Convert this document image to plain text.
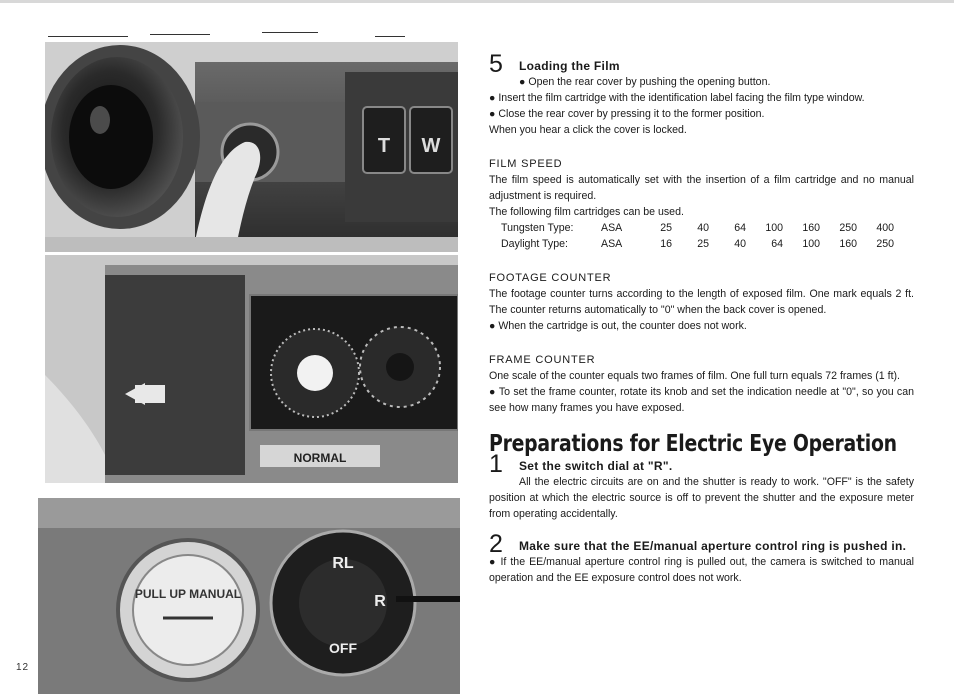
T W
NORMAL
PULL UP MANUAL
RL
R
OFF
12
5 Loading the Film
● Open the rear cover by pushing the opening button.
● Insert the film cartridge with the identification label facing the film type window.
● Close the rear cover by pressing it to the former position.
When you hear a click the cover is locked.
FILM SPEED
The film speed is automatically set with the insertion of a film cartridge and no manual adjustment is required.
The following film cartridges can be used.
Tungsten Type:	ASA	25	40	64	100	160	250	400
Daylight Type:	ASA	16	25	40	64	100	160	250
FOOTAGE COUNTER
The footage counter turns according to the length of exposed film. One mark equals 2 ft. The counter returns automatically to "0" when the back cover is opened.
● When the cartridge is out, the counter does not work.
FRAME COUNTER
One scale of the counter equals two frames of film. One full turn equals 72 frames (1 ft).
● To set the frame counter, rotate its knob and set the indication needle at "0", so you can see how many frames you have exposed.
Preparations for Electric Eye Operation
1 Set the switch dial at "R".
All the electric circuits are on and the shutter is ready to work. "OFF" is the safety position at which the electric source is off to prevent the shutter and the exposure meter from operating accidentally.
2 Make sure that the EE/manual aperture control ring is pushed in.
● If the EE/manual aperture control ring is pulled out, the camera is switched to manual operation and the EE exposure control does not work.
